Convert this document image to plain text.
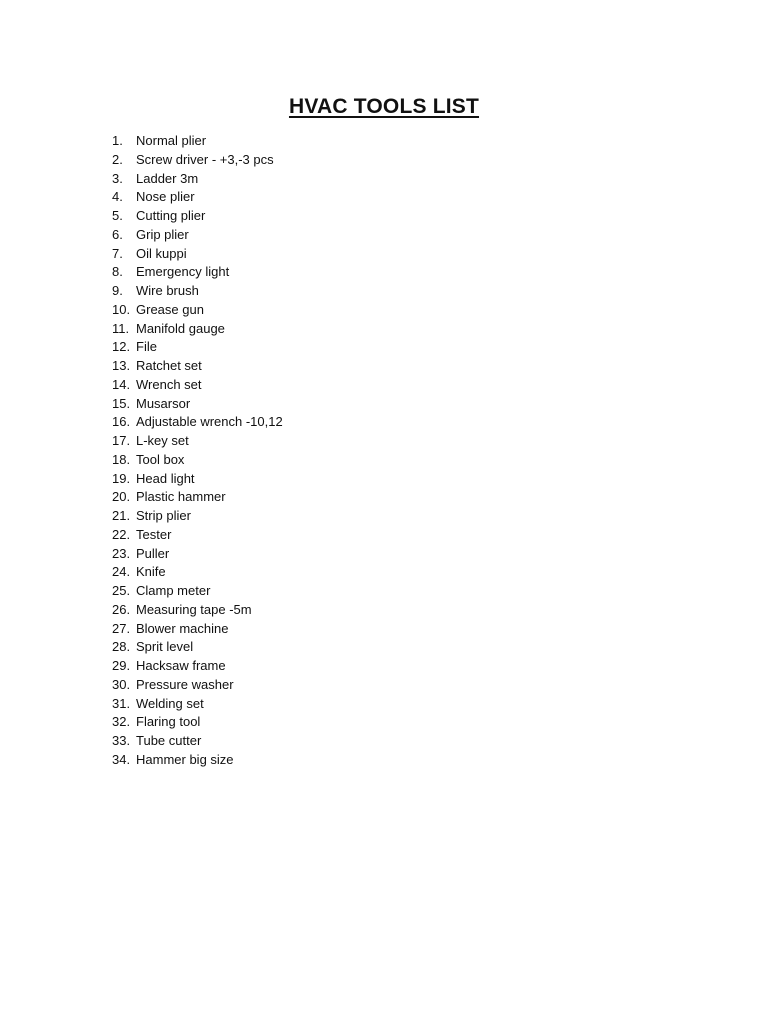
HVAC TOOLS LIST
1. Normal plier
2. Screw driver - +3,-3 pcs
3. Ladder 3m
4. Nose plier
5. Cutting plier
6. Grip plier
7. Oil kuppi
8. Emergency light
9. Wire brush
10. Grease gun
11. Manifold gauge
12. File
13. Ratchet set
14. Wrench set
15. Musarsor
16. Adjustable wrench -10,12
17. L-key set
18. Tool box
19. Head light
20. Plastic hammer
21. Strip plier
22. Tester
23. Puller
24. Knife
25. Clamp meter
26. Measuring tape -5m
27. Blower machine
28. Sprit level
29. Hacksaw frame
30. Pressure washer
31. Welding set
32. Flaring tool
33. Tube cutter
34. Hammer big size
